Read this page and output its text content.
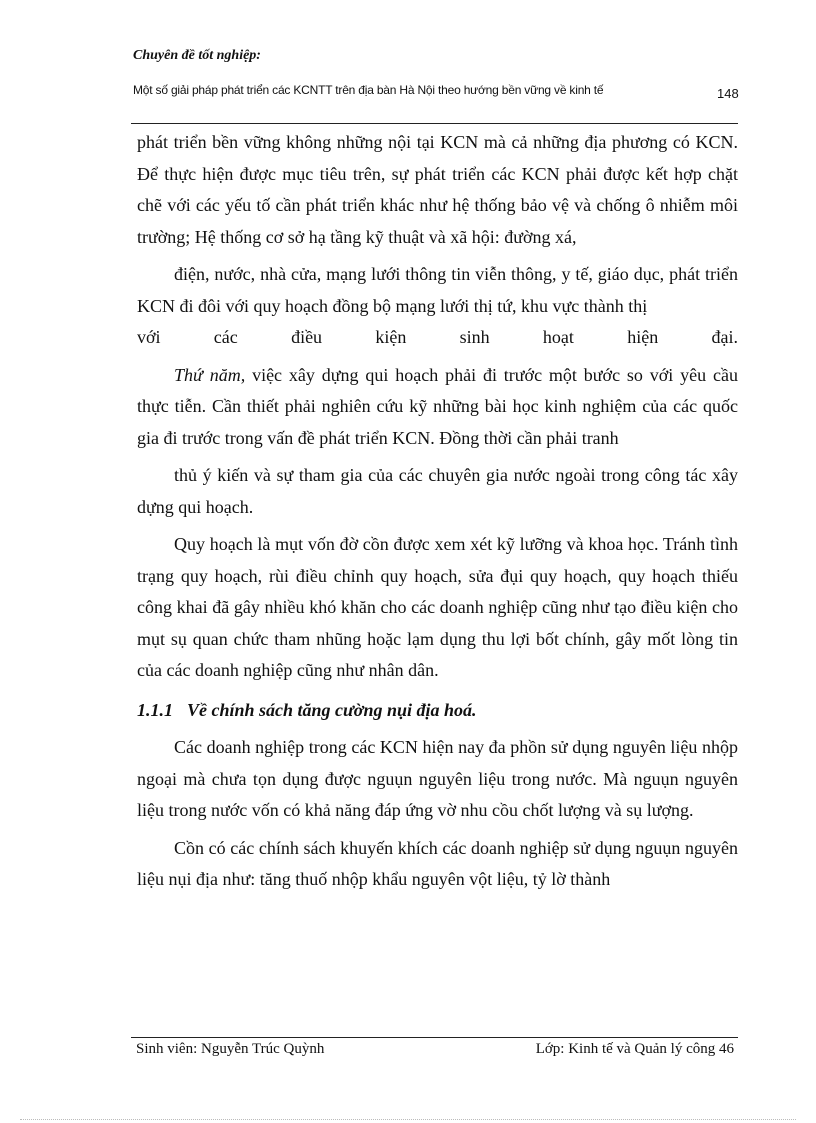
Chuyên đề tốt nghiệp:
Một số giải pháp phát triển các KCNTT trên địa bàn Hà Nội theo hướng bền vững về kinh tế	148

phát triển bền vững không những nội tại KCN mà cả những địa phương có KCN. Để thực hiện được mục tiêu trên, sự phát triển các KCN phải được kết hợp chặt chẽ với các yếu tố cần phát triển khác như hệ thống bảo vệ và chống ô nhiễm môi trường; Hệ thống cơ sở hạ tầng kỹ thuật và xã hội: đường xá,

điện, nước, nhà cửa, mạng lưới thông tin viễn thông, y tế, giáo dục, phát triển KCN đi đôi với quy hoạch đồng bộ mạng lưới thị tứ, khu vực thành thị

với các điều kiện sinh hoạt hiện đại.

Thứ năm, việc xây dựng qui hoạch phải đi trước một bước so với yêu cầu thực tiễn. Cần thiết phải nghiên cứu kỹ những bài học kinh nghiệm của các quốc gia đi trước trong vấn đề phát triển KCN. Đồng thời cần phải tranh

thủ ý kiến và sự tham gia của các chuyên gia nước ngoài trong công tác xây dựng qui hoạch.

Quy hoạch là mụt vốn đờ cồn được xem xét kỹ lưỡng và khoa học. Tránh tình trạng quy hoạch, rùi điều chỉnh quy hoạch, sửa đụi quy hoạch, quy hoạch thiếu công khai đã gây nhiều khó khăn cho các doanh nghiệp cũng như tạo điều kiện cho mụt sụ quan chức tham nhũng hoặc lạm dụng thu lợi bốt chính, gây mốt lòng tin của các doanh nghiệp cũng như nhân dân.

1.1.1 Về chính sách tăng cường nụi địa hoá.

Các doanh nghiệp trong các KCN hiện nay đa phồn sử dụng nguyên liệu nhộp ngoại mà chưa tọn dụng được nguụn nguyên liệu trong nước. Mà nguụn nguyên liệu trong nước vốn có khả năng đáp ứng vờ nhu cồu chốt lượng và sụ lượng.

Cồn có các chính sách khuyến khích các doanh nghiệp sử dụng nguụn nguyên liệu nụi địa như: tăng thuố nhộp khẩu nguyên vột liệu, tỷ lờ thành

Sinh viên: Nguyễn Trúc Quỳnh	Lớp: Kinh tế và Quản lý công 46
